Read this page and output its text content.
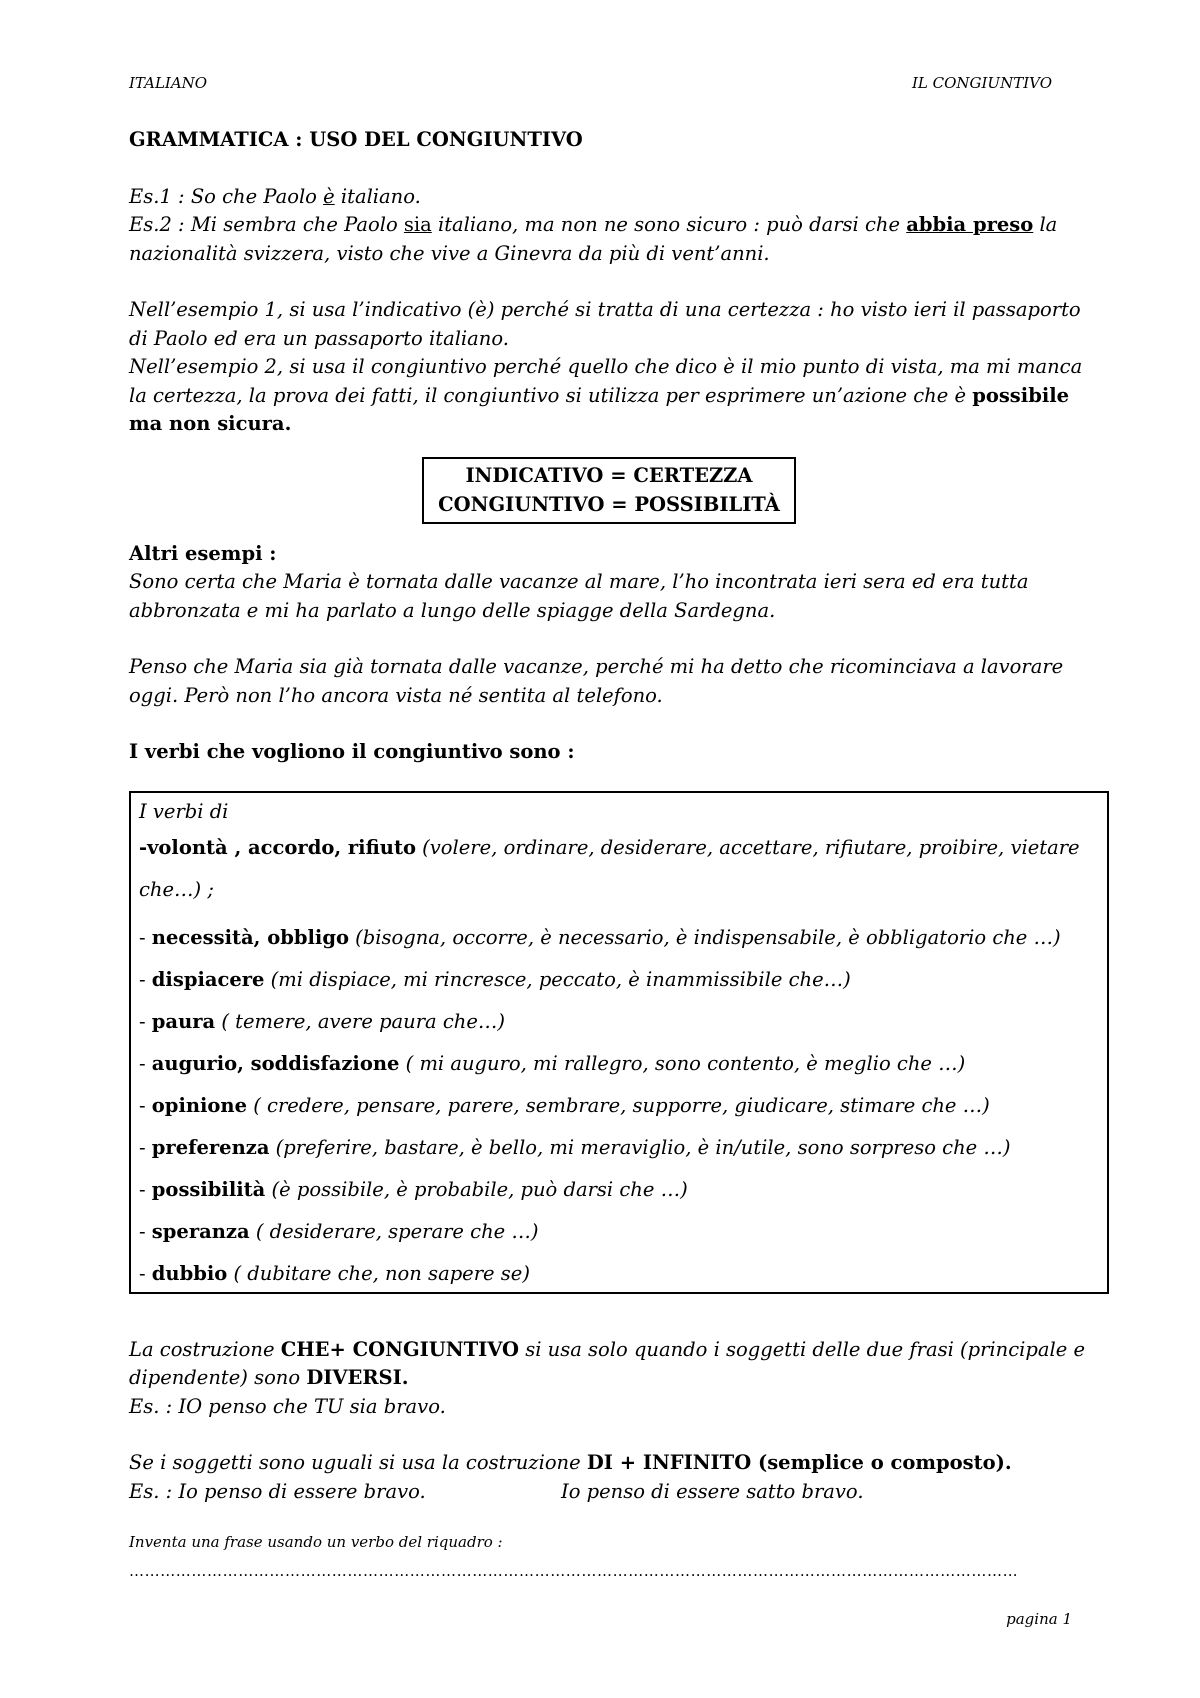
ITALIANO	IL CONGIUNTIVO

GRAMMATICA : USO DEL CONGIUNTIVO

Es.1 : So che Paolo è italiano.

Es.2 : Mi sembra che Paolo sia italiano, ma non ne sono sicuro : può darsi che abbia preso la nazionalità svizzera, visto che vive a Ginevra da più di vent’anni.

Nell’esempio 1, si usa l’indicativo (è) perché si tratta di una certezza : ho visto ieri il passaporto di Paolo ed era un passaporto italiano.

Nell’esempio 2, si usa il congiuntivo perché quello che dico è il mio punto di vista, ma mi manca la certezza, la prova dei fatti, il congiuntivo si utilizza per esprimere un’azione che è possibile ma non sicura.

INDICATIVO = CERTEZZA
CONGIUNTIVO = POSSIBILITÀ

Altri esempi :

Sono certa che Maria è tornata dalle vacanze al mare, l’ho incontrata ieri sera ed era tutta abbronzata e mi ha parlato a lungo delle spiagge della Sardegna.

Penso che Maria sia già tornata dalle vacanze, perché mi ha detto che ricominciava a lavorare oggi. Però non l’ho ancora vista né sentita al telefono.

I verbi che vogliono il congiuntivo sono :

I verbi di
-volontà , accordo, rifiuto (volere, ordinare, desiderare, accettare, rifiutare, proibire, vietare che…) ;
- necessità, obbligo (bisogna, occorre, è necessario, è indispensabile, è obbligatorio che …)
- dispiacere (mi dispiace, mi rincresce, peccato, è inammissibile che…)
- paura ( temere, avere paura che…)
- augurio, soddisfazione ( mi auguro, mi rallegro, sono contento, è meglio che …)
- opinione ( credere, pensare, parere, sembrare, supporre, giudicare, stimare che …)
- preferenza (preferire, bastare, è bello, mi meraviglio, è in/utile, sono sorpreso che …)
- possibilità (è possibile, è probabile, può darsi che …)
- speranza ( desiderare, sperare che …)
- dubbio ( dubitare che, non sapere se)

La costruzione CHE+ CONGIUNTIVO si usa solo quando i soggetti delle due frasi (principale e dipendente) sono DIVERSI.

Es. : IO penso che TU sia bravo.

Se i soggetti sono uguali si usa la costruzione DI + INFINITO (semplice o composto).

Es. : Io penso di essere bravo.	Io penso di essere satto bravo.

Inventa una frase usando un verbo del riquadro :

………………………………………………………………………………………………………………………………………………………
pagina 1
